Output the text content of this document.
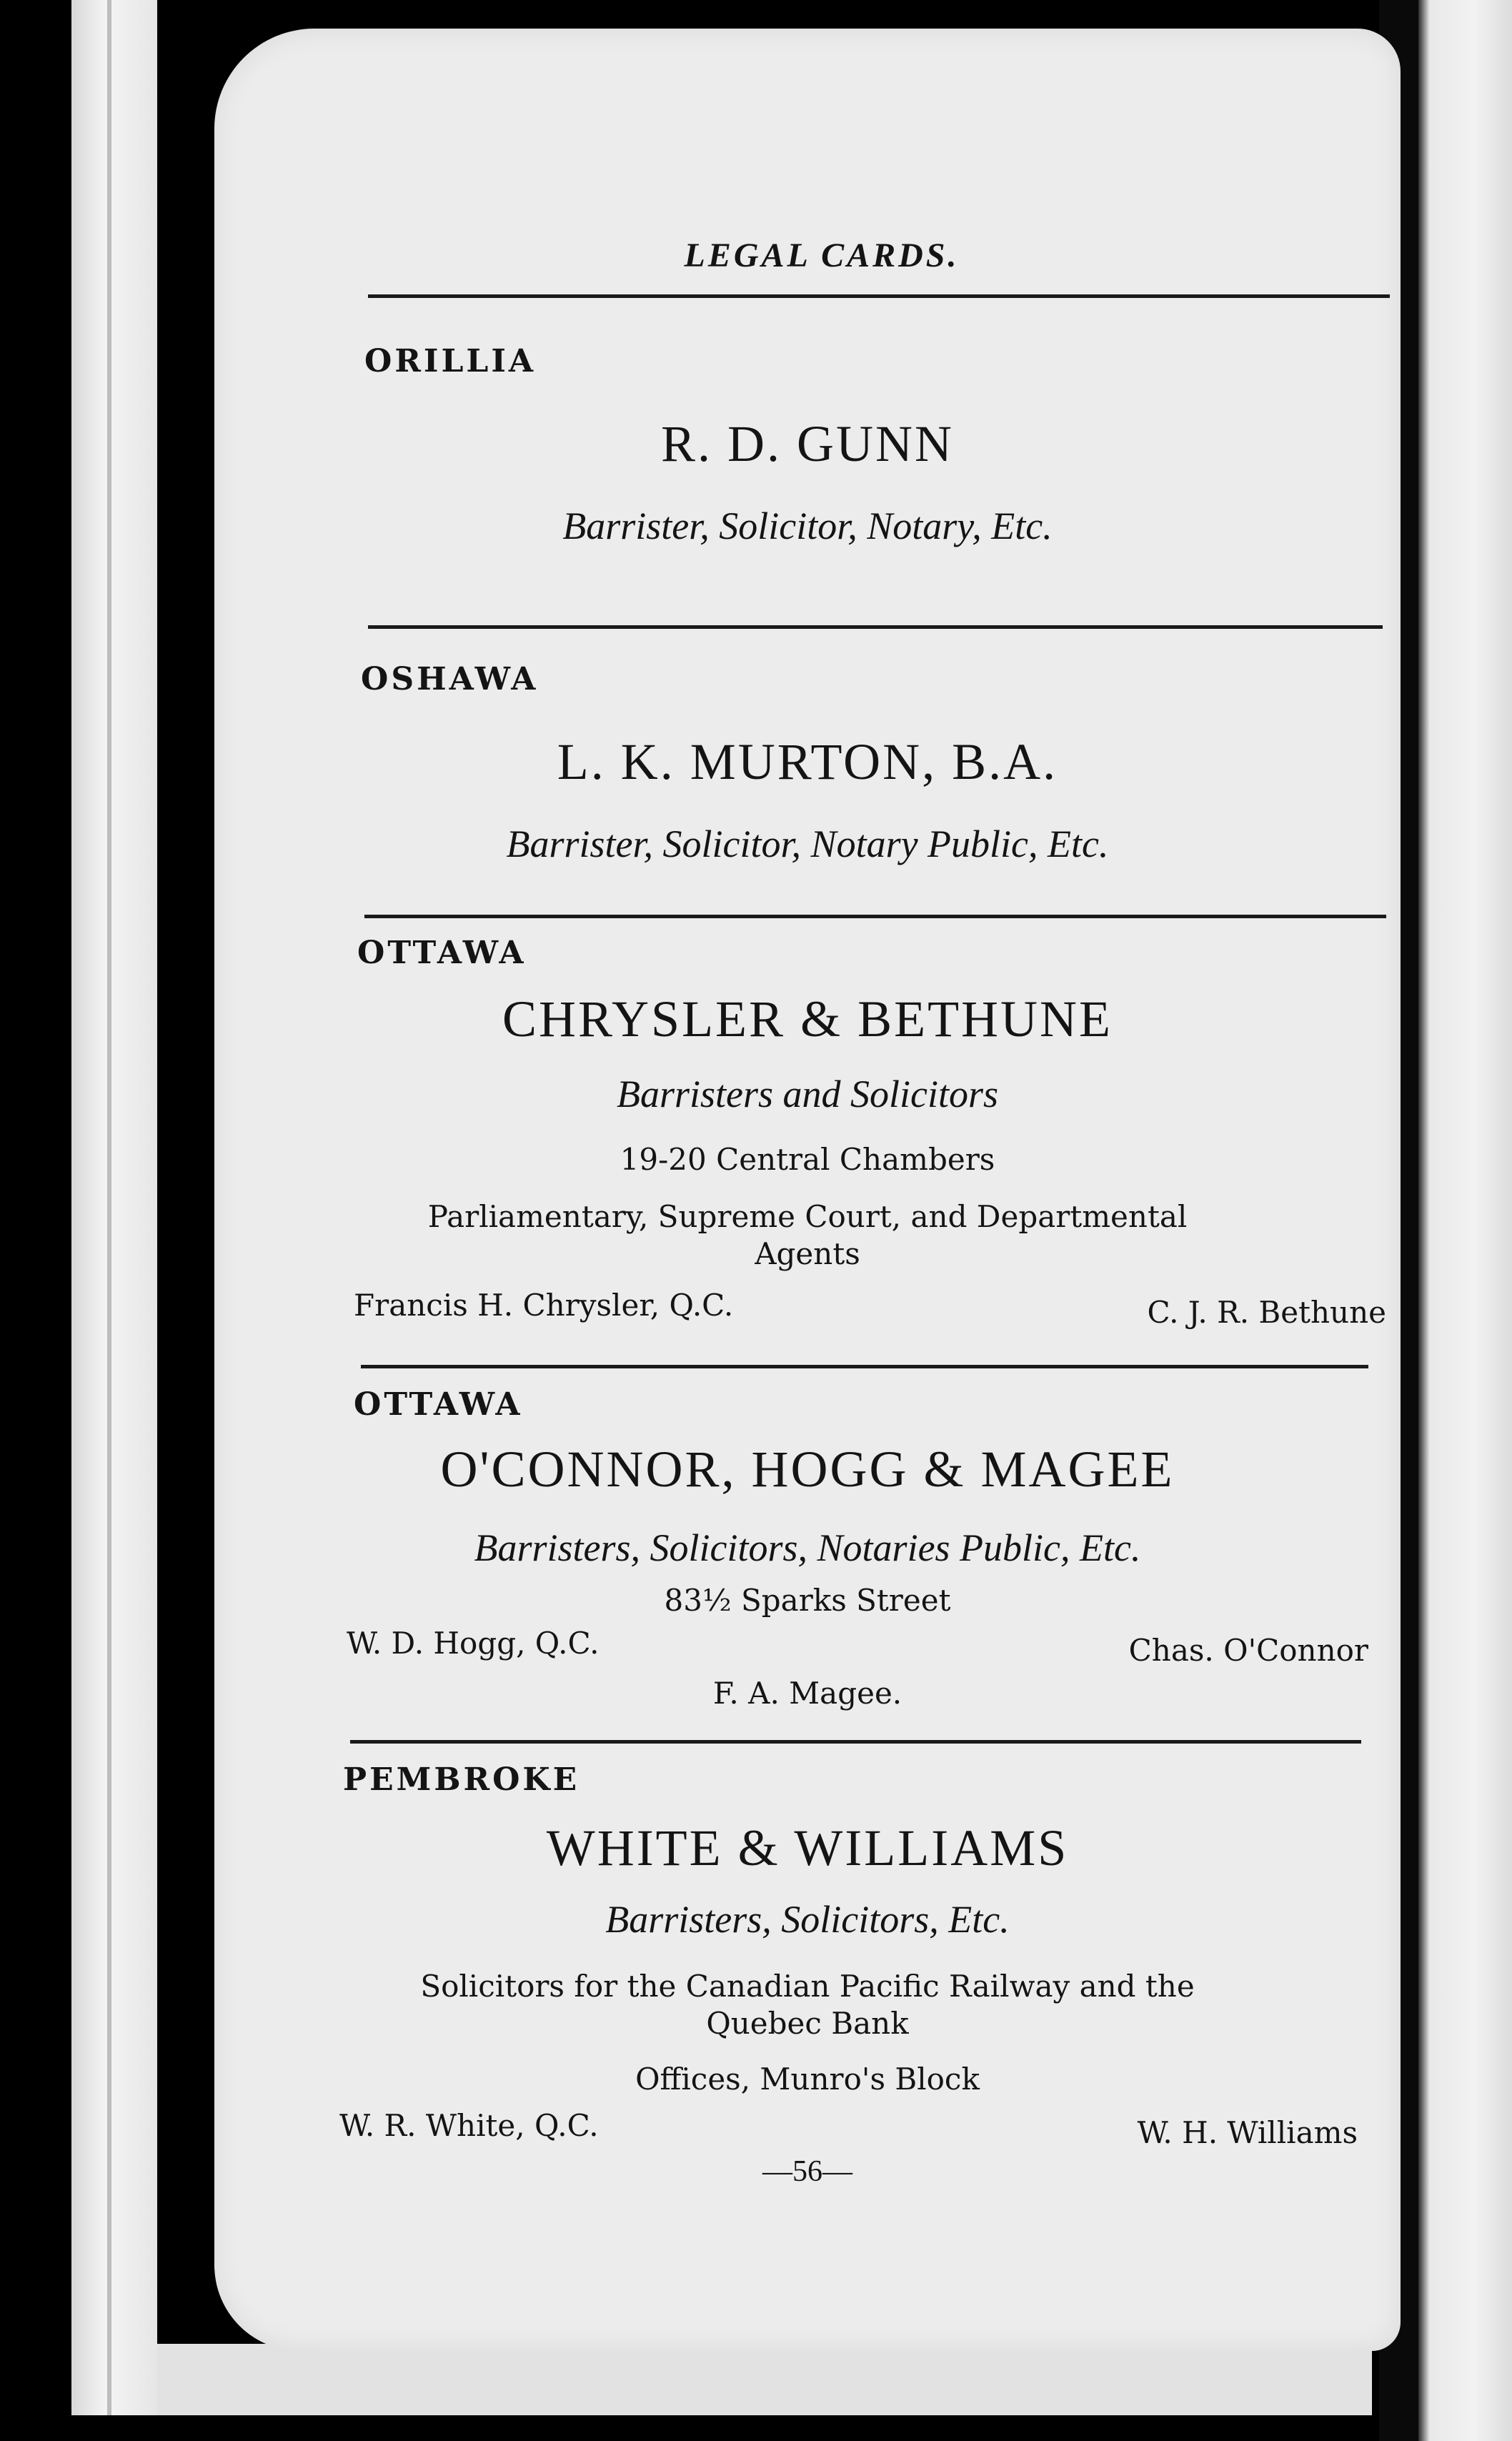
LEGAL CARDS.
ORILLIA
R. D. GUNN
Barrister, Solicitor, Notary, Etc.
OSHAWA
L. K. MURTON, B.A.
Barrister, Solicitor, Notary Public, Etc.
OTTAWA
CHRYSLER & BETHUNE
Barristers and Solicitors
19-20 Central Chambers
Parliamentary, Supreme Court, and Departmental
Agents
Francis H. Chrysler, Q.C.	C. J. R. Bethune
OTTAWA
O'CONNOR, HOGG & MAGEE
Barristers, Solicitors, Notaries Public, Etc.
83½ Sparks Street
W. D. Hogg, Q.C.	Chas. O'Connor
F. A. Magee.
PEMBROKE
WHITE & WILLIAMS
Barristers, Solicitors, Etc.
Solicitors for the Canadian Pacific Railway and the
Quebec Bank
Offices, Munro's Block
W. R. White, Q.C.	W. H. Williams
—56—
